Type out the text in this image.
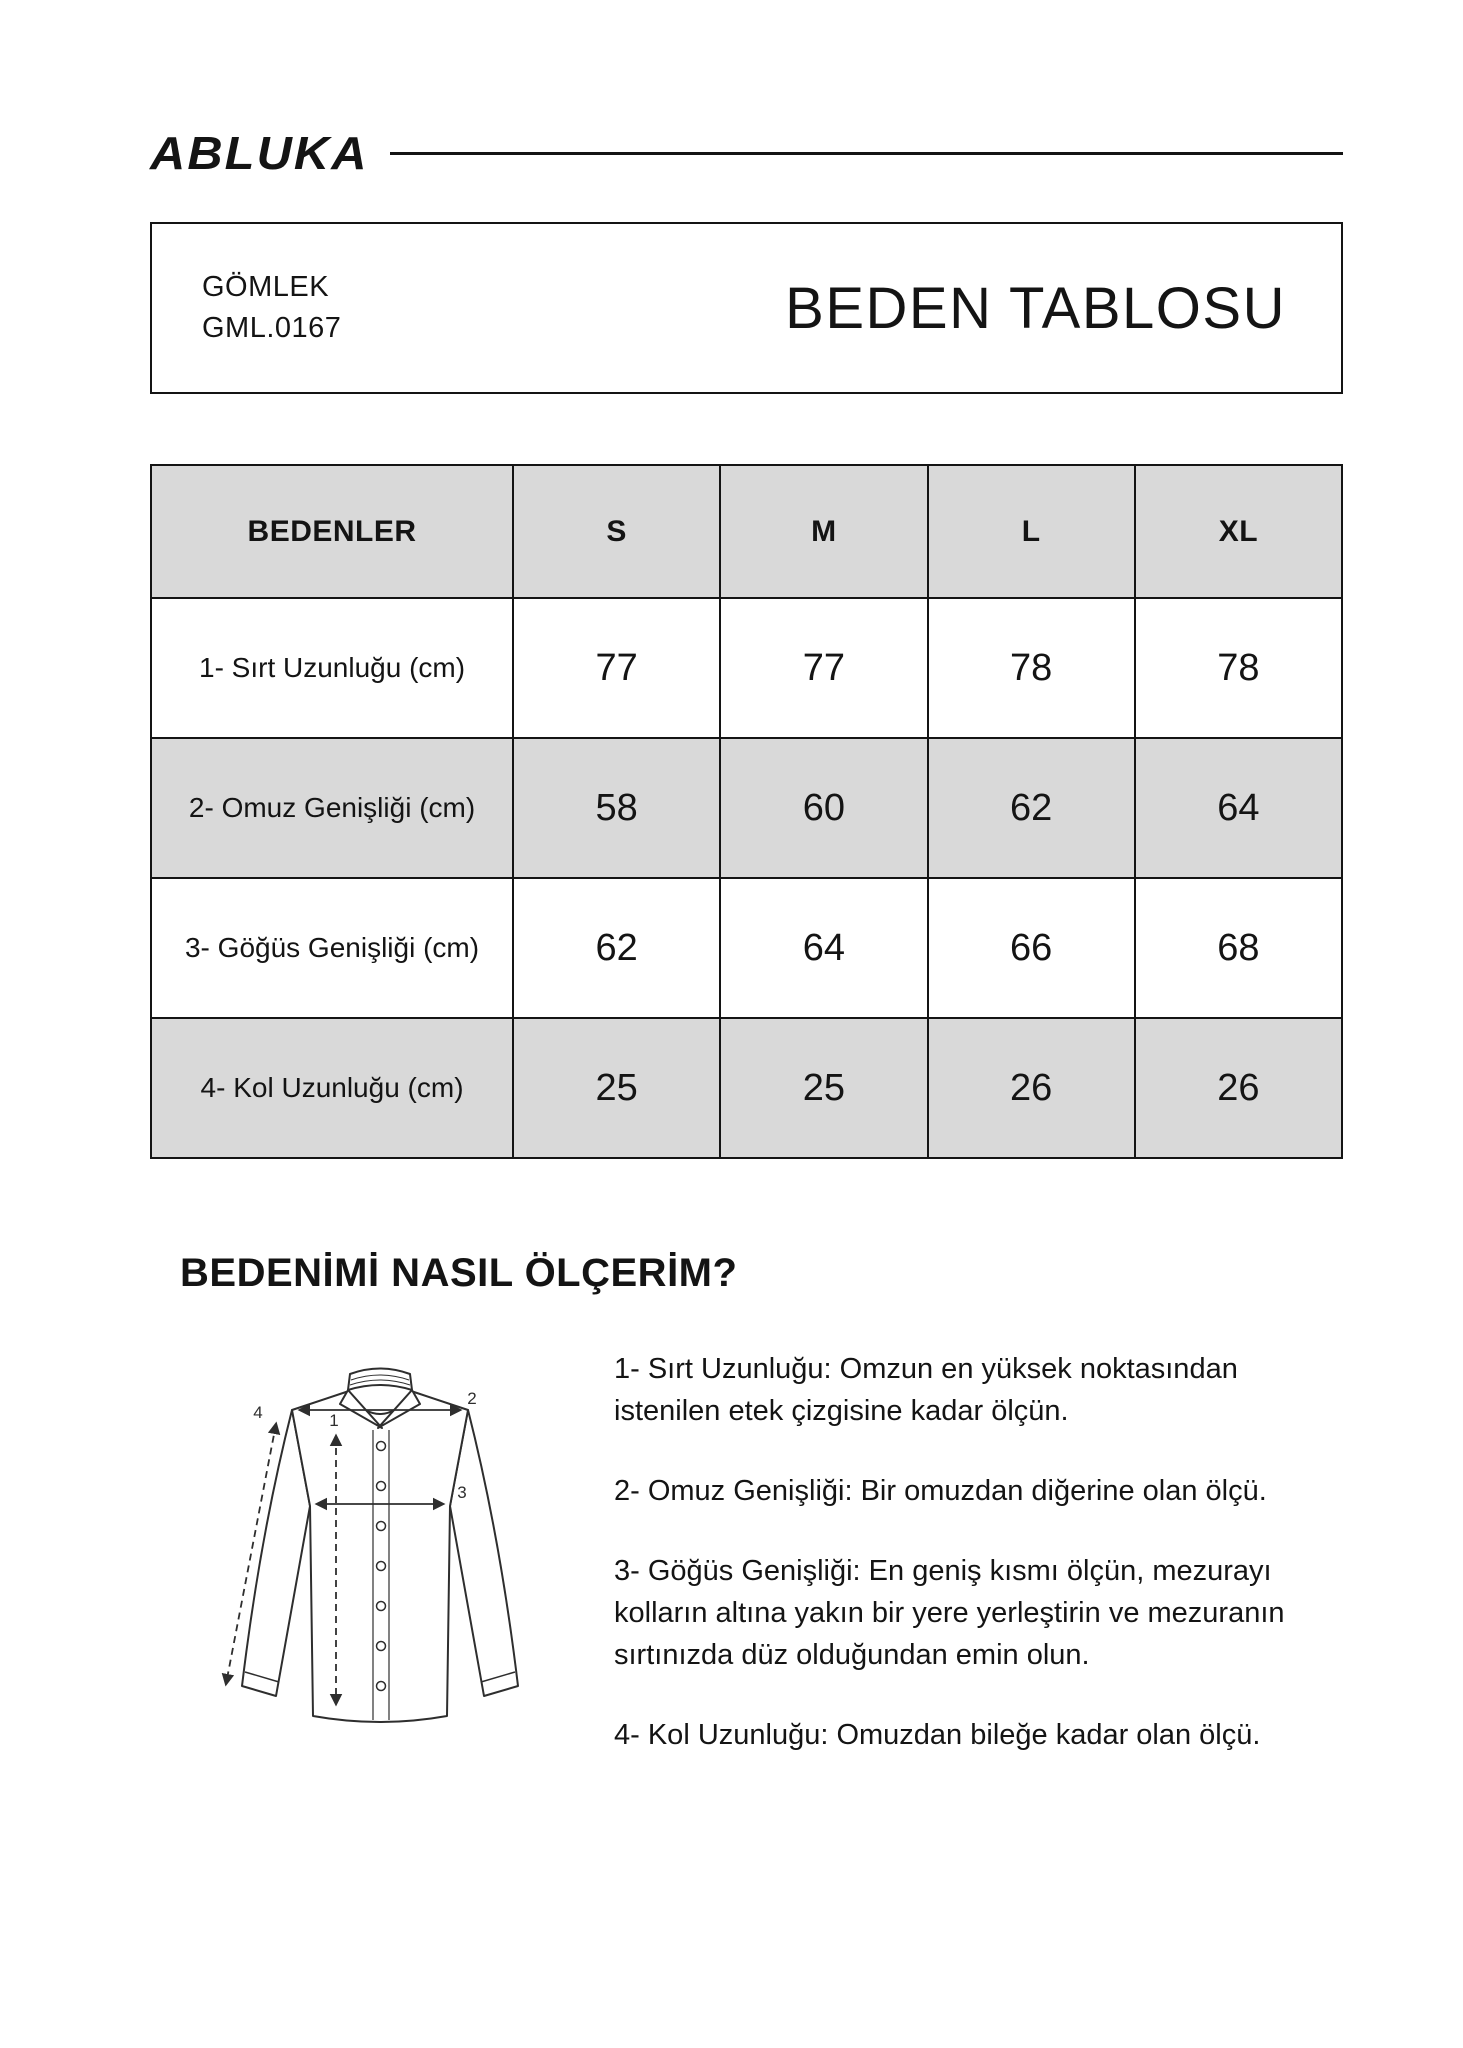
ABLUKA
GÖMLEK
GML.0167	BEDEN TABLOSU
BEDENLER	S	M	L	XL
1- Sırt Uzunluğu (cm)	77	77	78	78
2- Omuz Genişliği (cm)	58	60	62	64
3- Göğüs Genişliği (cm)	62	64	66	68
4- Kol Uzunluğu (cm)	25	25	26	26
BEDENİMİ NASIL ÖLÇERİM?
1
2
3
4

1- Sırt Uzunluğu: Omzun en yüksek noktasından istenilen etek çizgisine kadar ölçün.

2- Omuz Genişliği: Bir omuzdan diğerine olan ölçü.

3- Göğüs Genişliği: En geniş kısmı ölçün, mezurayı kolların altına yakın bir yere yerleştirin ve mezuranın sırtınızda düz olduğundan emin olun.

4- Kol Uzunluğu: Omuzdan bileğe kadar olan ölçü.
